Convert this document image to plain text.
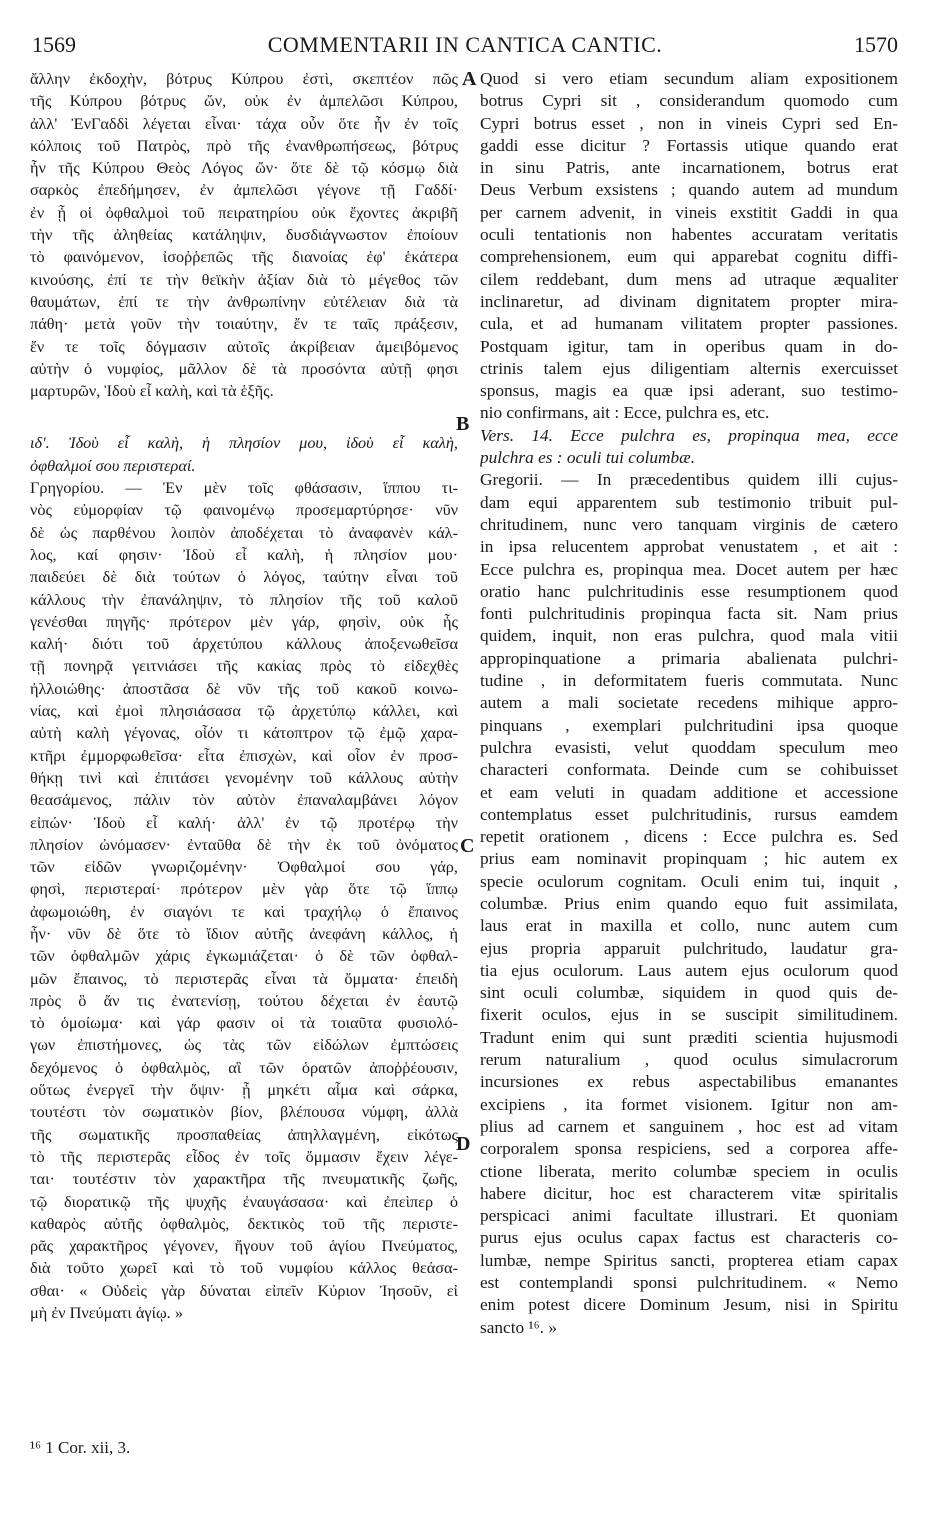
1569	COMMENTARII IN CANTICA CANTIC.	1570
ἄλλην ἐκδοχὴν, βότρυς Κύπρου ἐστὶ, σκεπτέον πῶς
τῆς Κύπρου βότρυς ὤν, οὐκ ἐν ἀμπελῶσι Κύπρου,
ἀλλ' ἘνΓαδδὶ λέγεται εἶναι· τάχα οὖν ὅτε ἦν ἐν τοῖς
κόλποις τοῦ Πατρὸς, πρὸ τῆς ἐνανθρωπήσεως, βότρυς
ἦν τῆς Κύπρου Θεὸς Λόγος ὤν· ὅτε δὲ τῷ κόσμῳ διὰ
σαρκὸς ἐπεδήμησεν, ἐν ἀμπελῶσι γέγονε τῇ Γαδδί·
ἐν ᾗ οἱ ὀφθαλμοὶ τοῦ πειρατηρίου οὐκ ἔχοντες ἀκριβῆ
τὴν τῆς ἀληθείας κατάληψιν, δυσδιάγνωστον ἐποίουν
τὸ φαινόμενον, ἰσοῤῥεπῶς τῆς διανοίας ἐφ' ἑκάτερα
κινούσης, ἐπί τε τὴν θεϊκὴν ἀξίαν διὰ τὸ μέγεθος τῶν
θαυμάτων, ἐπί τε τὴν ἀνθρωπίνην εὐτέλειαν διὰ τὰ
πάθη· μετὰ γοῦν τὴν τοιαύτην, ἔν τε ταῖς πράξεσιν,
ἔν τε τοῖς δόγμασιν αὐτοῖς ἀκρίβειαν ἀμειβόμενος
αὐτὴν ὁ νυμφίος, μᾶλλον δὲ τὰ προσόντα αὐτῇ φησι
μαρτυρῶν, Ἰδοὺ εἶ καλὴ, καὶ τὰ ἑξῆς.
ιδ'. Ἰδοὺ εἶ καλὴ, ἡ πλησίον μου, ἰδοὺ εἶ καλὴ,
ὀφθαλμοί σου περιστεραί.
Γρηγορίου. — Ἐν μὲν τοῖς φθάσασιν, ἵππου τι-
νὸς εὐμορφίαν τῷ φαινομένῳ προσεμαρτύρησε· νῦν
δὲ ὡς παρθένου λοιπὸν ἀποδέχεται τὸ ἀναφανὲν κάλ-
λος, καί φησιν· Ἰδοὺ εἶ καλὴ, ἡ πλησίον μου·
παιδεύει δὲ διὰ τούτων ὁ λόγος, ταύτην εἶναι τοῦ
κάλλους τὴν ἐπανάληψιν, τὸ πλησίον τῆς τοῦ καλοῦ
γενέσθαι πηγῆς· πρότερον μὲν γάρ, φησὶν, οὐκ ἦς
καλή· διότι τοῦ ἀρχετύπου κάλλους ἀποξενωθεῖσα
τῇ πονηρᾷ γειτνιάσει τῆς κακίας πρὸς τὸ εἰδεχθὲς
ἠλλοιώθης· ἀποστᾶσα δὲ νῦν τῆς τοῦ κακοῦ κοινω-
νίας, καὶ ἐμοὶ πλησιάσασα τῷ ἀρχετύπῳ κάλλει, καὶ
αὐτὴ καλὴ γέγονας, οἷόν τι κάτοπτρον τῷ ἐμῷ χαρα-
κτῆρι ἐμμορφωθεῖσα· εἶτα ἐπισχὼν, καὶ οἷον ἐν προσ-
θήκῃ τινὶ καὶ ἐπιτάσει γενομένην τοῦ κάλλους αὐτὴν
θεασάμενος, πάλιν τὸν αὐτὸν ἐπαναλαμβάνει λόγον
εἰπών· Ἰδοὺ εἶ καλή· ἀλλ' ἐν τῷ προτέρῳ τὴν
πλησίον ὠνόμασεν· ἐνταῦθα δὲ τὴν ἐκ τοῦ ὀνόματος
τῶν εἰδῶν γνωριζομένην· Ὀφθαλμοί σου γάρ,
φησὶ, περιστεραί· πρότερον μὲν γὰρ ὅτε τῷ ἵππῳ
ἀφωμοιώθη, ἐν σιαγόνι τε καὶ τραχήλῳ ὁ ἔπαινος
ἦν· νῦν δὲ ὅτε τὸ ἴδιον αὐτῆς ἀνεφάνη κάλλος, ἡ
τῶν ὀφθαλμῶν χάρις ἐγκωμιάζεται· ὁ δὲ τῶν ὀφθαλ-
μῶν ἔπαινος, τὸ περιστερᾶς εἶναι τὰ ὄμματα· ἐπειδὴ
πρὸς ὃ ἄν τις ἐνατενίσῃ, τούτου δέχεται ἐν ἑαυτῷ
τὸ ὁμοίωμα· καὶ γάρ φασιν οἱ τὰ τοιαῦτα φυσιολό-
γων ἐπιστήμονες, ὡς τὰς τῶν εἰδώλων ἐμπτώσεις
δεχόμενος ὁ ὀφθαλμὸς, αἳ τῶν ὁρατῶν ἀποῤῥέουσιν,
οὕτως ἐνεργεῖ τὴν ὄψιν· ᾗ μηκέτι αἷμα καὶ σάρκα,
τουτέστι τὸν σωματικὸν βίον, βλέπουσα νύμφη, ἀλλὰ
τῆς σωματικῆς προσπαθείας ἀπηλλαγμένη, εἰκότως
τὸ τῆς περιστερᾶς εἶδος ἐν τοῖς ὄμμασιν ἔχειν λέγε-
ται· τουτέστιν τὸν χαρακτῆρα τῆς πνευματικῆς ζωῆς,
τῷ διορατικῷ τῆς ψυχῆς ἐναυγάσασα· καὶ ἐπεὶπερ ὁ
καθαρὸς αὐτῆς ὀφθαλμὸς, δεκτικὸς τοῦ τῆς περιστε-
ρᾶς χαρακτῆρος γέγονεν, ἤγουν τοῦ ἁγίου Πνεύματος,
διὰ τοῦτο χωρεῖ καὶ τὸ τοῦ νυμφίου κάλλος θεάσα-
σθαι· « Οὐδεὶς γὰρ δύναται εἰπεῖν Κύριον Ἰησοῦν, εἰ
μὴ ἐν Πνεύματι ἁγίῳ. »
Quod si vero etiam secundum aliam expositionem
botrus Cypri sit , considerandum quomodo cum
Cypri botrus esset , non in vineis Cypri sed En-
gaddi esse dicitur ? Fortassis utique quando erat
in sinu Patris, ante incarnationem, botrus erat
Deus Verbum exsistens ; quando autem ad mundum
per carnem advenit, in vineis exstitit Gaddi in qua
oculi tentationis non habentes accuratam veritatis
comprehensionem, eum qui apparebat cognitu diffi-
cilem reddebant, dum mens ad utraque æqualiter
inclinaretur, ad divinam dignitatem propter mira-
cula, et ad humanam vilitatem propter passiones.
Postquam igitur, tam in operibus quam in do-
ctrinis talem ejus diligentiam alternis exercuisset
sponsus, magis ea quæ ipsi aderant, suo testimo-
nio confirmans, ait : Ecce, pulchra es, etc.
Vers. 14. Ecce pulchra es, propinqua mea, ecce
pulchra es : oculi tui columbæ.
Gregorii. — In præcedentibus quidem illi cujus-
dam equi apparentem sub testimonio tribuit pul-
chritudinem, nunc vero tanquam virginis de cætero
in ipsa relucentem approbat venustatem , et ait :
Ecce pulchra es, propinqua mea. Docet autem per hæc
oratio hanc pulchritudinis esse resumptionem quod
fonti pulchritudinis propinqua facta sit. Nam prius
quidem, inquit, non eras pulchra, quod mala vitii
appropinquatione a primaria abalienata pulchri-
tudine , in deformitatem fueris commutata. Nunc
autem a mali societate recedens mihique appro-
pinquans , exemplari pulchritudini ipsa quoque
pulchra evasisti, velut quoddam speculum meo
characteri conformata. Deinde cum se cohibuisset
et eam veluti in quadam additione et accessione
contemplatus esset pulchritudinis, rursus eamdem
repetit orationem , dicens : Ecce pulchra es. Sed
prius eam nominavit propinquam ; hic autem ex
specie oculorum cognitam. Oculi enim tui, inquit ,
columbæ. Prius enim quando equo fuit assimilata,
laus erat in maxilla et collo, nunc autem cum
ejus propria apparuit pulchritudo, laudatur gra-
tia ejus oculorum. Laus autem ejus oculorum quod
sint oculi columbæ, siquidem in quod quis de-
fixerit oculos, ejus in se suscipit similitudinem.
Tradunt enim qui sunt præditi scientia hujusmodi
rerum naturalium , quod oculus simulacrorum
incursiones ex rebus aspectabilibus emanantes
excipiens , ita formet visionem. Igitur non am-
plius ad carnem et sanguinem , hoc est ad vitam
corporalem sponsa respiciens, sed a corporea affe-
ctione liberata, merito columbæ speciem in oculis
habere dicitur, hoc est characterem vitæ spiritalis
perspicaci animi facultate illustrari. Et quoniam
purus ejus oculus capax factus est characteris co-
lumbæ, nempe Spiritus sancti, propterea etiam capax
est contemplandi sponsi pulchritudinem. « Nemo
enim potest dicere Dominum Jesum, nisi in Spiritu
sancto ¹⁶. »
A
B
C
D
¹⁶ 1 Cor. xii, 3.
